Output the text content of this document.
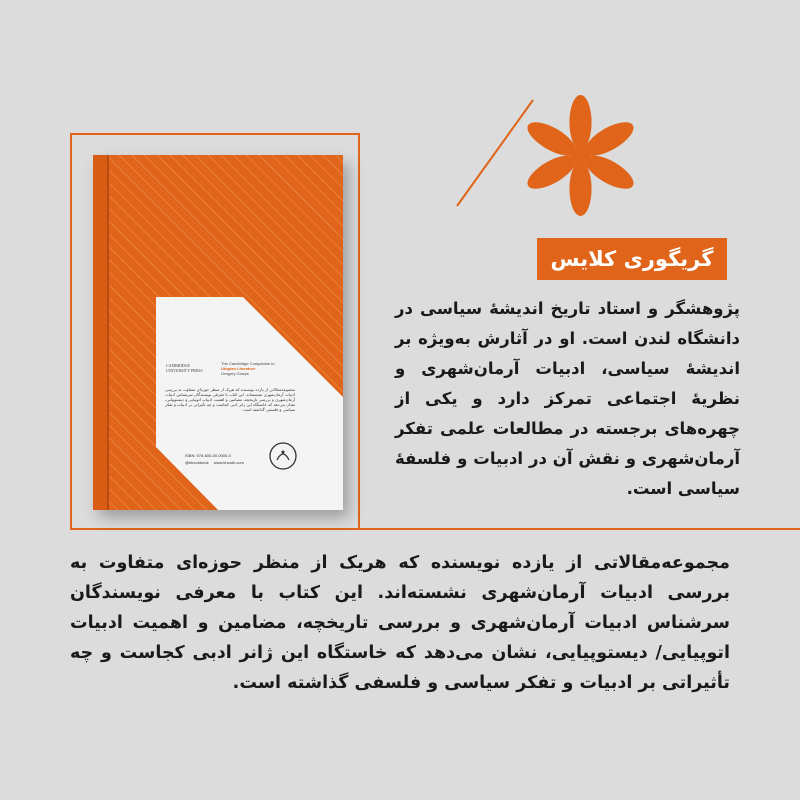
CAMBRIDGE UNIVERSITY PRESS
The Cambridge Companion to
Utopian Literature
Gregory Claeys
مجموعه‌مقالاتی از یازده نویسنده که هریک از منظر حوزه‌ای متفاوت به بررسی ادبیات آرمان‌شهری نشسته‌اند. این کتاب با معرفی نویسندگان سرشناس ادبیات آرمان‌شهری و بررسی تاریخچه، مضامین و اهمیت ادبیات اتوپیایی و دیستوپیایی، نشان می‌دهد که خاستگاه این ژانر ادبی کجاست و چه تأثیراتی بر ادبیات و تفکر سیاسی و فلسفی گذاشته است.
ISBN: 978-600-00-0000-0
@khoobbook www.khoobi.com
گریگوری کلایس

پژوهشگر و استاد تاریخ اندیشهٔ سیاسی در دانشگاه لندن است. او در آثارش به‌ویژه بر اندیشهٔ سیاسی، ادبیات آرمان‌شهری و نظریهٔ اجتماعی تمرکز دارد و یکی از چهره‌های برجسته در مطالعات علمی تفکر آرمان‌شهری و نقش آن در ادبیات و فلسفهٔ سیاسی است.

مجموعه‌مقالاتی از یازده نویسنده که هریک از منظر حوزه‌ای متفاوت به بررسی ادبیات آرمان‌شهری نشسته‌اند. این کتاب با معرفی نویسندگان سرشناس ادبیات آرمان‌شهری و بررسی تاریخچه، مضامین و اهمیت ادبیات اتوپیایی/ دیستوپیایی، نشان می‌دهد که خاستگاه این ژانر ادبی کجاست و چه تأثیراتی بر ادبیات و تفکر سیاسی و فلسفی گذاشته است.
